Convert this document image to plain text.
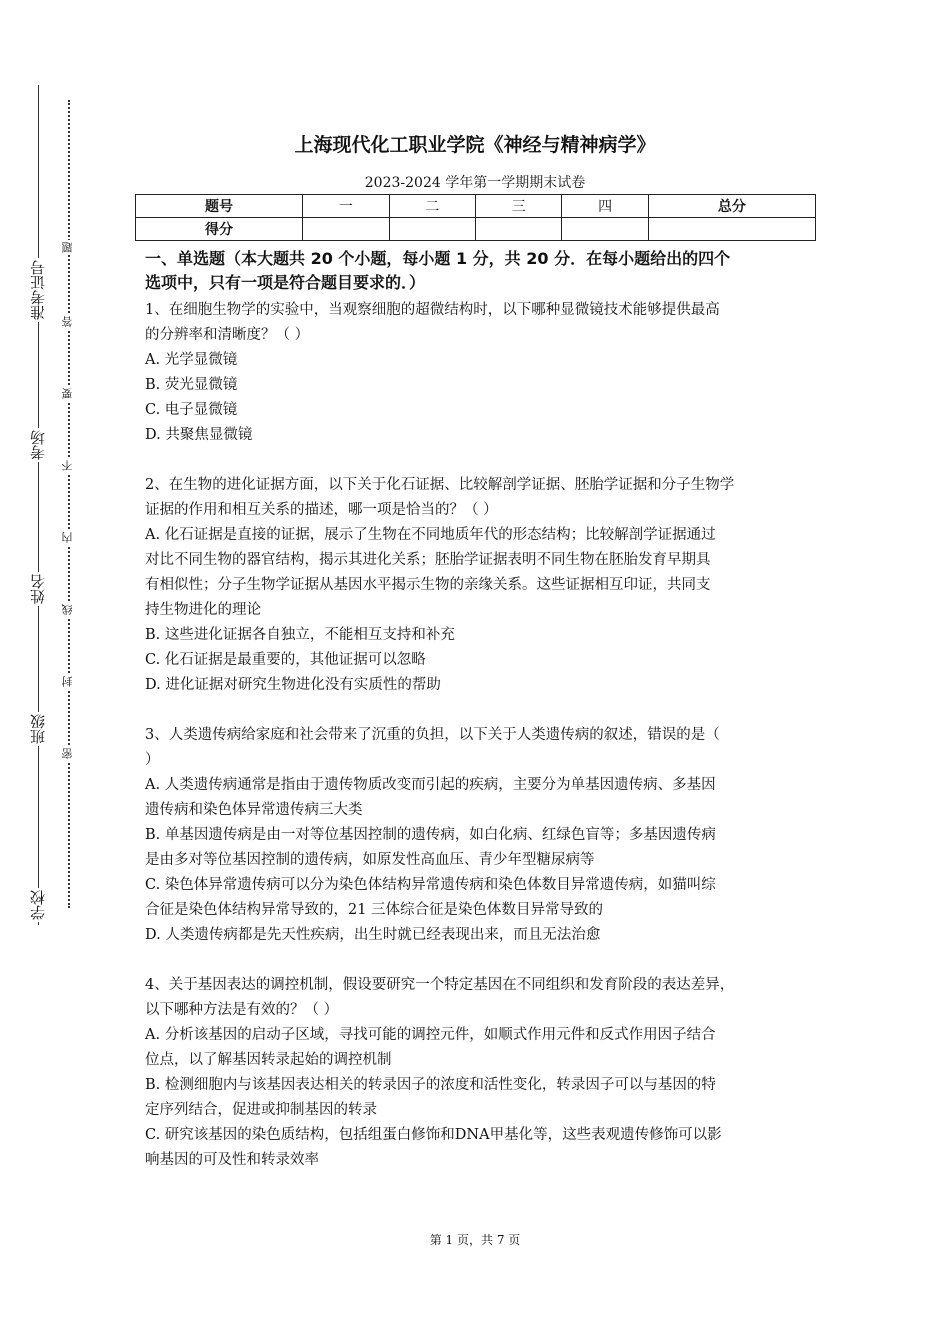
准考证号
考场
姓名
班级
学校
题
答
要
不
内
线
封
密
上海现代化工职业学院《神经与精神病学》
2023-2024 学年第一学期期末试卷
题号	一	二	三	四	总分
得分					
一、单选题（本大题共 20 个小题，每小题 1 分，共 20 分．在每小题给出的四个
选项中，只有一项是符合题目要求的．）

1、在细胞生物学的实验中，当观察细胞的超微结构时，以下哪种显微镜技术能够提供最高

的分辨率和清晰度？（ ）

A. 光学显微镜

B. 荧光显微镜

C. 电子显微镜

D. 共聚焦显微镜

2、在生物的进化证据方面，以下关于化石证据、比较解剖学证据、胚胎学证据和分子生物学

证据的作用和相互关系的描述，哪一项是恰当的？（ ）

A. 化石证据是直接的证据，展示了生物在不同地质年代的形态结构；比较解剖学证据通过

对比不同生物的器官结构，揭示其进化关系；胚胎学证据表明不同生物在胚胎发育早期具

有相似性；分子生物学证据从基因水平揭示生物的亲缘关系。这些证据相互印证，共同支

持生物进化的理论

B. 这些进化证据各自独立，不能相互支持和补充

C. 化石证据是最重要的，其他证据可以忽略

D. 进化证据对研究生物进化没有实质性的帮助

3、人类遗传病给家庭和社会带来了沉重的负担，以下关于人类遗传病的叙述，错误的是（

）

A. 人类遗传病通常是指由于遗传物质改变而引起的疾病，主要分为单基因遗传病、多基因

遗传病和染色体异常遗传病三大类

B. 单基因遗传病是由一对等位基因控制的遗传病，如白化病、红绿色盲等；多基因遗传病

是由多对等位基因控制的遗传病，如原发性高血压、青少年型糖尿病等

C. 染色体异常遗传病可以分为染色体结构异常遗传病和染色体数目异常遗传病，如猫叫综

合征是染色体结构异常导致的，21 三体综合征是染色体数目异常导致的

D. 人类遗传病都是先天性疾病，出生时就已经表现出来，而且无法治愈

4、关于基因表达的调控机制，假设要研究一个特定基因在不同组织和发育阶段的表达差异，

以下哪种方法是有效的？（ ）

A. 分析该基因的启动子区域，寻找可能的调控元件，如顺式作用元件和反式作用因子结合

位点，以了解基因转录起始的调控机制

B. 检测细胞内与该基因表达相关的转录因子的浓度和活性变化，转录因子可以与基因的特

定序列结合，促进或抑制基因的转录

C. 研究该基因的染色质结构，包括组蛋白修饰和DNA甲基化等，这些表观遗传修饰可以影

响基因的可及性和转录效率

第 1 页，共 7 页
